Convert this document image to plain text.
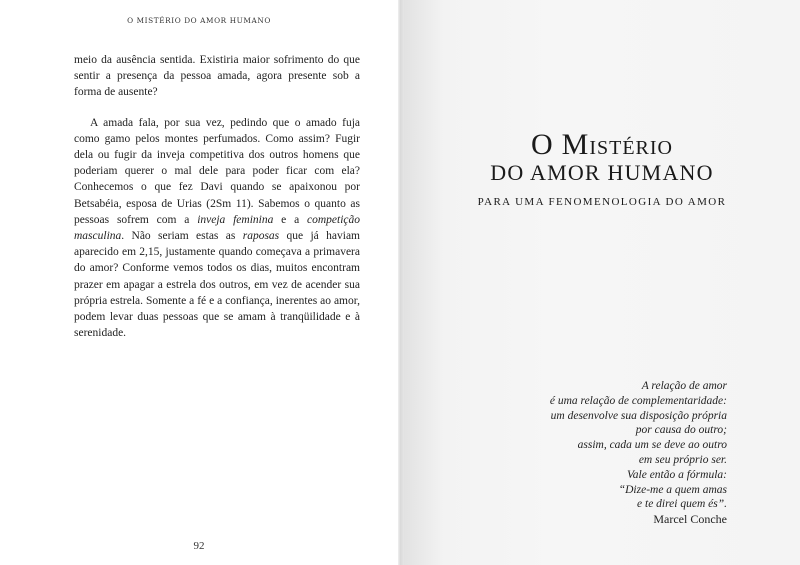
O MISTÉRIO DO AMOR HUMANO

meio da ausência sentida. Existiria maior sofrimento do que sentir a presença da pessoa amada, agora presente sob a forma de ausente?

A amada fala, por sua vez, pedindo que o amado fuja como gamo pelos montes perfumados. Como assim? Fugir dela ou fugir da inveja competitiva dos outros homens que poderiam querer o mal dele para poder ficar com ela? Conhecemos o que fez Davi quando se apaixonou por Betsabéia, esposa de Urias (2Sm 11). Sabemos o quanto as pessoas sofrem com a inveja feminina e a competição masculina. Não seriam estas as raposas que já haviam aparecido em 2,15, justamente quando começava a primavera do amor? Conforme vemos todos os dias, muitos encontram prazer em apagar a estrela dos outros, em vez de acender sua própria estrela. Somente a fé e a confiança, inerentes ao amor, podem levar duas pessoas que se amam à tranqüilidade e à serenidade.

92
O MISTÉRIO
DO AMOR HUMANO
PARA UMA FENOMENOLOGIA DO AMOR
A relação de amor
é uma relação de complementaridade:
um desenvolve sua disposição própria
por causa do outro;
assim, cada um se deve ao outro
em seu próprio ser.
Vale então a fórmula:
“Dize-me a quem amas
e te direi quem és”.
Marcel Conche
